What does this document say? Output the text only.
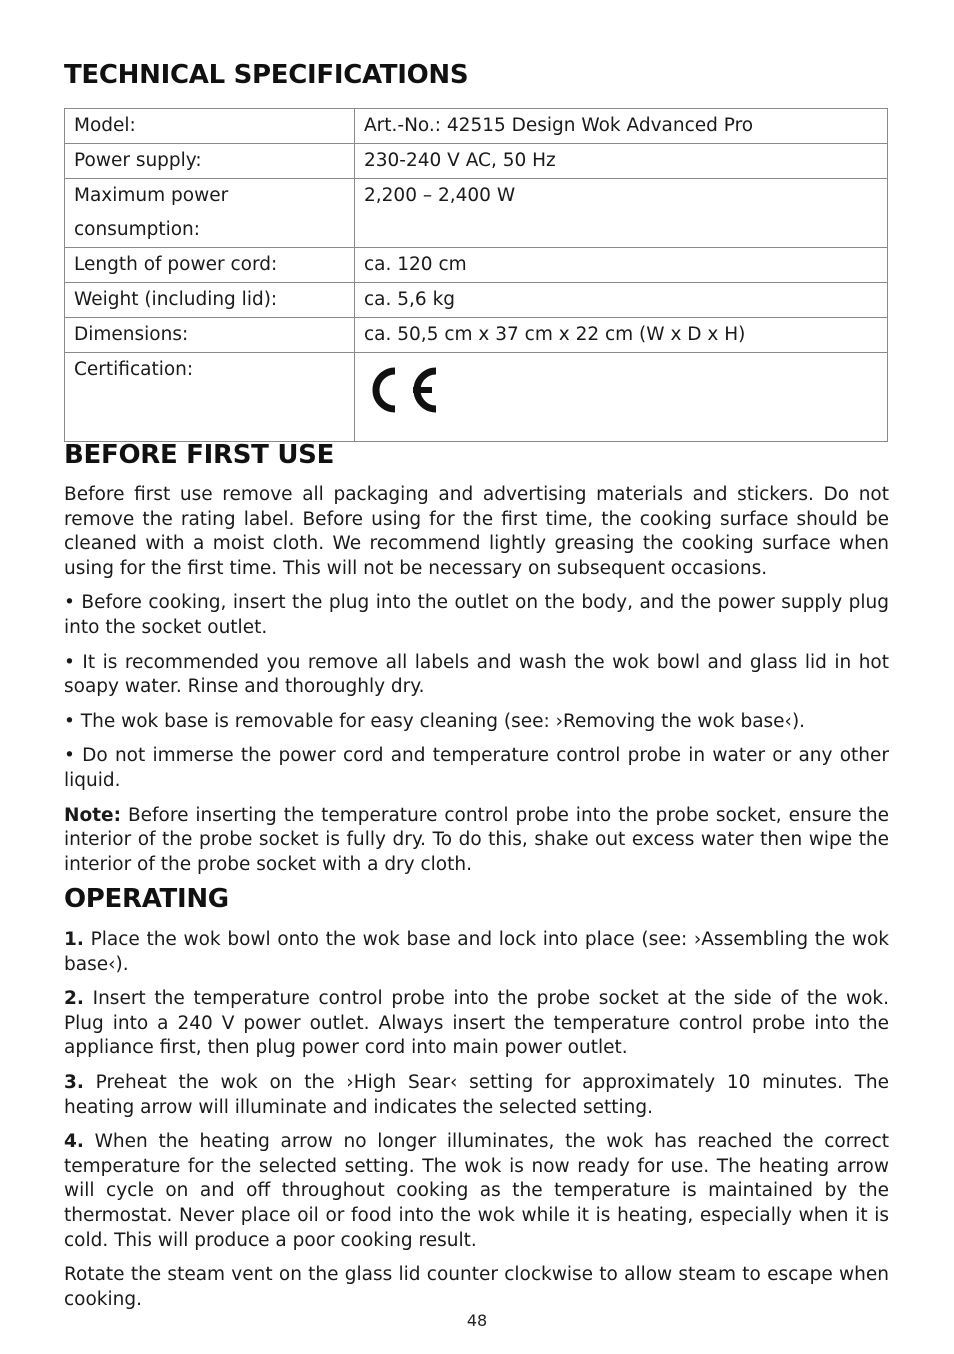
TECHNICAL SPECIFICATIONS
Model:	Art.-No.: 42515 Design Wok Advanced Pro
Power supply:	230-240 V AC, 50 Hz
Maximum power consumption:	2,200 – 2,400 W
Length of power cord:	ca. 120 cm
Weight (including lid):	ca. 5,6 kg
Dimensions:	ca. 50,5 cm x 37 cm x 22 cm (W x D x H)
Certification:	
BEFORE FIRST USE

Before first use remove all packaging and advertising materials and stickers. Do not remove the rating label. Before using for the first time, the cooking surface should be cleaned with a moist cloth. We recommend lightly greasing the cooking surface when using for the first time. This will not be necessary on subsequent occasions.

• Before cooking, insert the plug into the outlet on the body, and the power supply plug into the socket outlet.

• It is recommended you remove all labels and wash the wok bowl and glass lid in hot soapy water. Rinse and thoroughly dry.

• The wok base is removable for easy cleaning (see: ›Removing the wok base‹).

• Do not immerse the power cord and temperature control probe in water or any other liquid.

Note: Before inserting the temperature control probe into the probe socket, ensure the interior of the probe socket is fully dry. To do this, shake out excess water then wipe the interior of the probe socket with a dry cloth.

OPERATING

1. Place the wok bowl onto the wok base and lock into place (see: ›Assembling the wok base‹).

2. Insert the temperature control probe into the probe socket at the side of the wok. Plug into a 240 V power outlet. Always insert the temperature control probe into the appliance first, then plug power cord into main power outlet.

3. Preheat the wok on the ›High Sear‹ setting for approximately 10 minutes. The heating arrow will illuminate and indicates the selected setting.

4. When the heating arrow no longer illuminates, the wok has reached the correct temperature for the selected setting. The wok is now ready for use. The heating arrow will cycle on and off throughout cooking as the temperature is maintained by the thermostat. Never place oil or food into the wok while it is heating, especially when it is cold. This will produce a poor cooking result.

Rotate the steam vent on the glass lid counter clockwise to allow steam to escape when cooking.

48
